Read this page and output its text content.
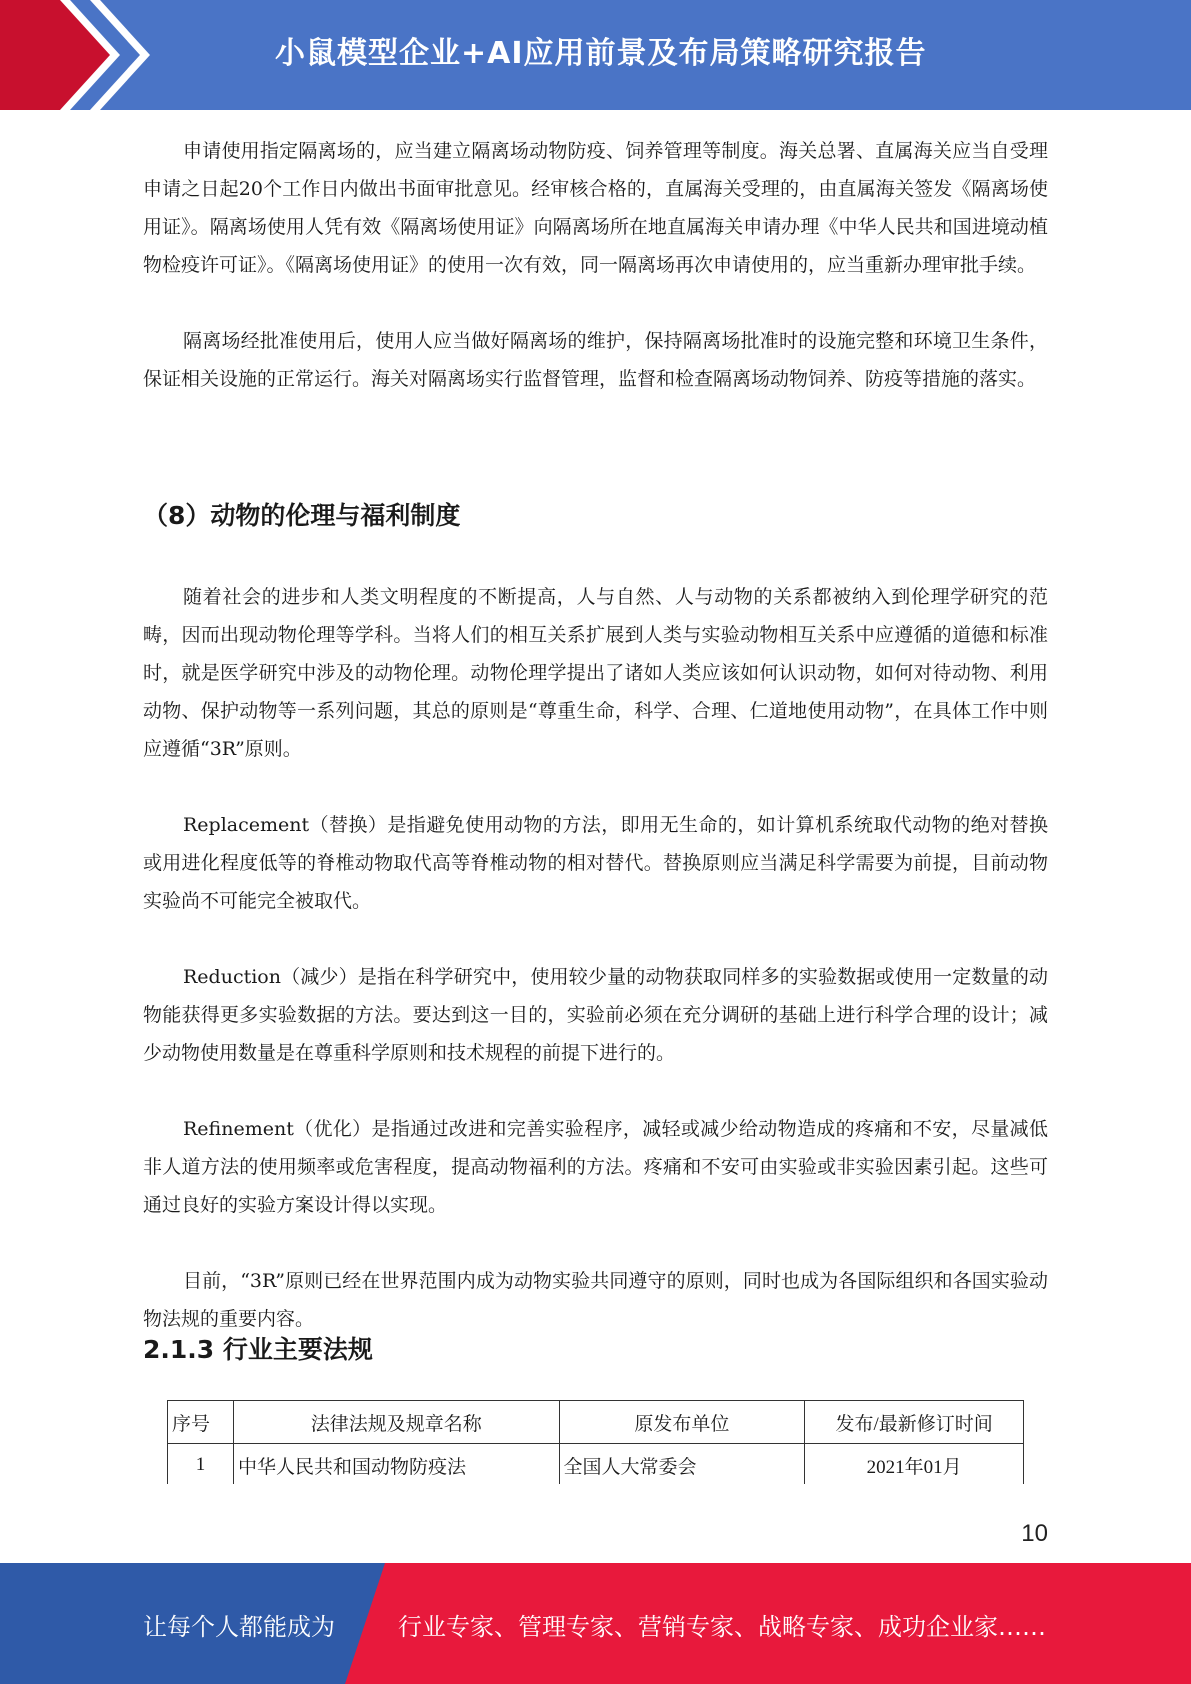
小鼠模型企业+AI应用前景及布局策略研究报告

申请使用指定隔离场的，应当建立隔离场动物防疫、饲养管理等制度。海关总署、直属海关应当自受理申请之日起20个工作日内做出书面审批意见。经审核合格的，直属海关受理的，由直属海关签发《隔离场使用证》。隔离场使用人凭有效《隔离场使用证》向隔离场所在地直属海关申请办理《中华人民共和国进境动植物检疫许可证》。《隔离场使用证》的使用一次有效，同一隔离场再次申请使用的，应当重新办理审批手续。

隔离场经批准使用后，使用人应当做好隔离场的维护，保持隔离场批准时的设施完整和环境卫生条件，保证相关设施的正常运行。海关对隔离场实行监督管理，监督和检查隔离场动物饲养、防疫等措施的落实。

（8）动物的伦理与福利制度

随着社会的进步和人类文明程度的不断提高，人与自然、人与动物的关系都被纳入到伦理学研究的范畴，因而出现动物伦理等学科。当将人们的相互关系扩展到人类与实验动物相互关系中应遵循的道德和标准时，就是医学研究中涉及的动物伦理。动物伦理学提出了诸如人类应该如何认识动物，如何对待动物、利用动物、保护动物等一系列问题，其总的原则是“尊重生命，科学、合理、仁道地使用动物”，在具体工作中则应遵循“3R”原则。

Replacement（替换）是指避免使用动物的方法，即用无生命的，如计算机系统取代动物的绝对替换或用进化程度低等的脊椎动物取代高等脊椎动物的相对替代。替换原则应当满足科学需要为前提，目前动物实验尚不可能完全被取代。

Reduction（减少）是指在科学研究中，使用较少量的动物获取同样多的实验数据或使用一定数量的动物能获得更多实验数据的方法。要达到这一目的，实验前必须在充分调研的基础上进行科学合理的设计；减少动物使用数量是在尊重科学原则和技术规程的前提下进行的。

Refinement（优化）是指通过改进和完善实验程序，减轻或减少给动物造成的疼痛和不安，尽量减低非人道方法的使用频率或危害程度，提高动物福利的方法。疼痛和不安可由实验或非实验因素引起。这些可通过良好的实验方案设计得以实现。

目前，“3R”原则已经在世界范围内成为动物实验共同遵守的原则，同时也成为各国际组织和各国实验动物法规的重要内容。

2.1.3 行业主要法规
序号	法律法规及规章名称	原发布单位	发布/最新修订时间
1	中华人民共和国动物防疫法	全国人大常委会	2021年01月
10
让每个人都能成为	行业专家、管理专家、营销专家、战略专家、成功企业家……
